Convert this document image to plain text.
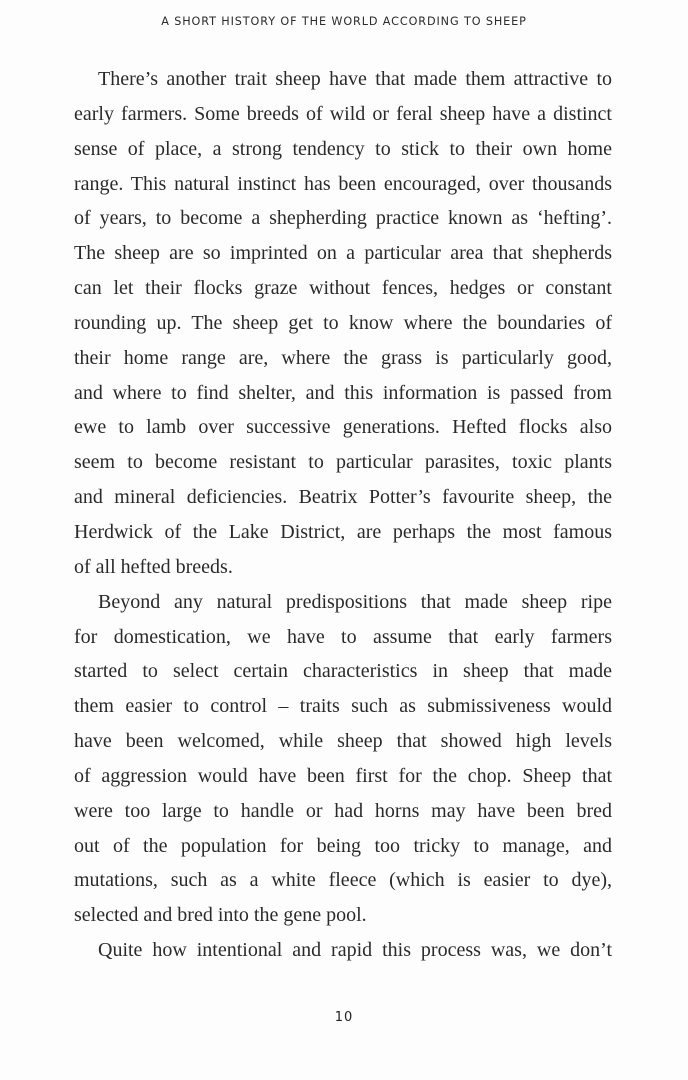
A SHORT HISTORY OF THE WORLD ACCORDING TO SHEEP
There’s another trait sheep have that made them attractive to
early farmers. Some breeds of wild or feral sheep have a distinct
sense of place, a strong tendency to stick to their own home
range. This natural instinct has been encouraged, over thousands
of years, to become a shepherding practice known as ‘hefting’.
The sheep are so imprinted on a particular area that shepherds
can let their flocks graze without fences, hedges or constant
rounding up. The sheep get to know where the boundaries of
their home range are, where the grass is particularly good,
and where to find shelter, and this information is passed from
ewe to lamb over successive generations. Hefted flocks also
seem to become resistant to particular parasites, toxic plants
and mineral deficiencies. Beatrix Potter’s favourite sheep, the
Herdwick of the Lake District, are perhaps the most famous
of all hefted breeds.
Beyond any natural predispositions that made sheep ripe
for domestication, we have to assume that early farmers
started to select certain characteristics in sheep that made
them easier to control – traits such as submissiveness would
have been welcomed, while sheep that showed high levels
of aggression would have been first for the chop. Sheep that
were too large to handle or had horns may have been bred
out of the population for being too tricky to manage, and
mutations, such as a white fleece (which is easier to dye),
selected and bred into the gene pool.
Quite how intentional and rapid this process was, we don’t
10
